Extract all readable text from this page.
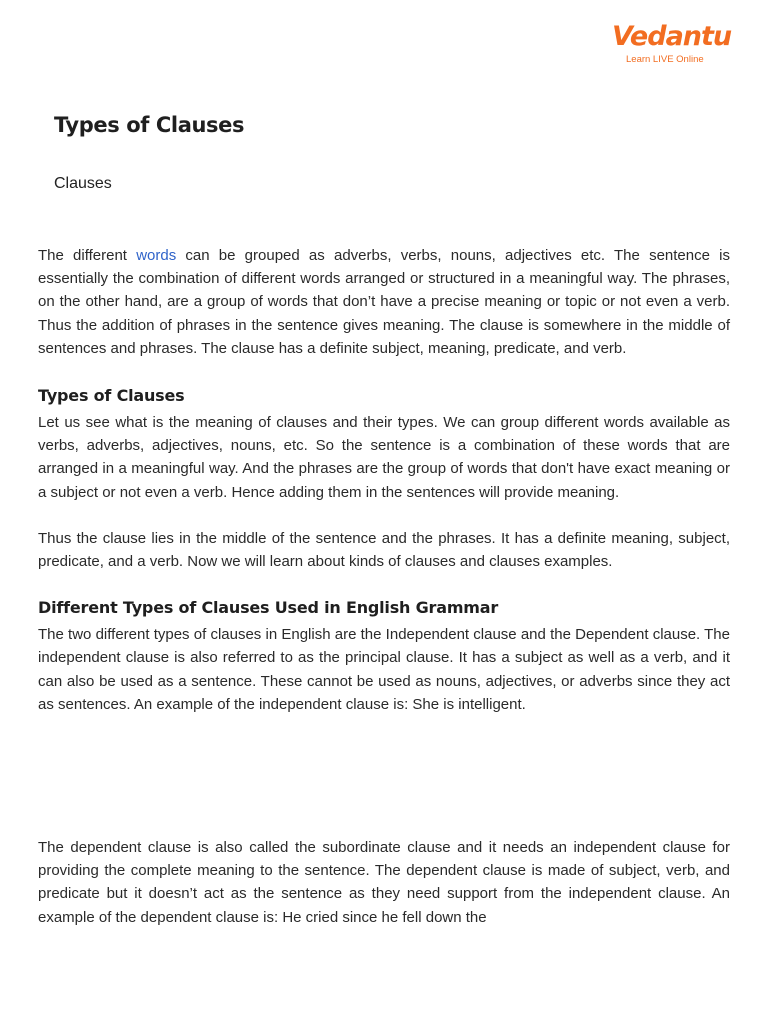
Vedantu
Learn LIVE Online
Types of Clauses

Clauses

The different words can be grouped as adverbs, verbs, nouns, adjectives etc. The sentence is essentially the combination of different words arranged or structured in a meaningful way. The phrases, on the other hand, are a group of words that don’t have a precise meaning or topic or not even a verb. Thus the addition of phrases in the sentence gives meaning. The clause is somewhere in the middle of sentences and phrases. The clause has a definite subject, meaning, predicate, and verb.

Types of Clauses

Let us see what is the meaning of clauses and their types. We can group different words available as verbs, adverbs, adjectives, nouns, etc. So the sentence is a combination of these words that are arranged in a meaningful way. And the phrases are the group of words that don't have exact meaning or a subject or not even a verb. Hence adding them in the sentences will provide meaning.

Thus the clause lies in the middle of the sentence and the phrases. It has a definite meaning, subject, predicate, and a verb. Now we will learn about kinds of clauses and clauses examples.

Different Types of Clauses Used in English Grammar

The two different types of clauses in English are the Independent clause and the Dependent clause. The independent clause is also referred to as the principal clause. It has a subject as well as a verb, and it can also be used as a sentence. These cannot be used as nouns, adjectives, or adverbs since they act as sentences. An example of the independent clause is: She is intelligent.

The dependent clause is also called the subordinate clause and it needs an independent clause for providing the complete meaning to the sentence. The dependent clause is made of subject, verb, and predicate but it doesn’t act as the sentence as they need support from the independent clause. An example of the dependent clause is: He cried since he fell down the
